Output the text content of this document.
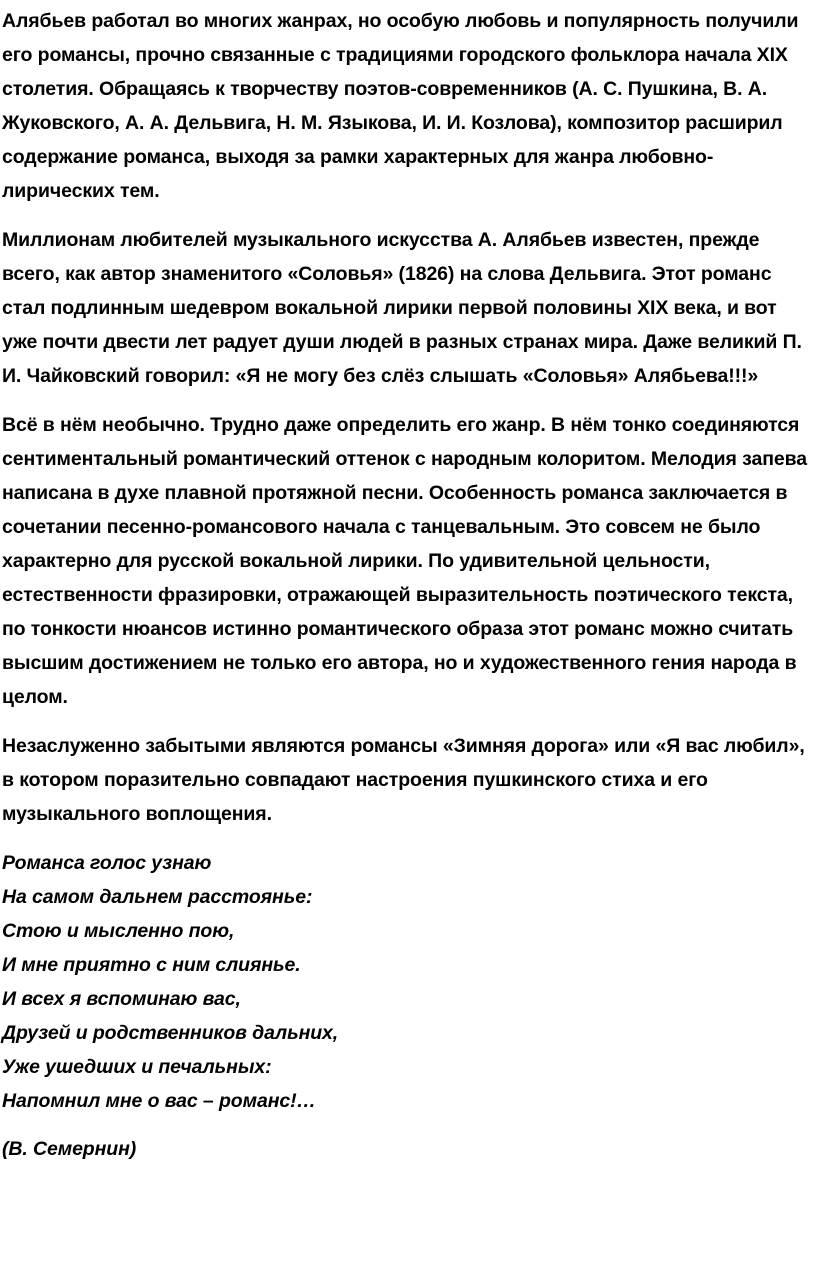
Алябьев работал во многих жанрах, но особую любовь и популярность получили его романсы, прочно связанные с традициями городского фольклора начала XIX столетия. Обращаясь к творчеству поэтов-современников (А. С. Пушкина, В. А. Жуковского, А. А. Дельвига, Н. М. Языкова, И. И. Козлова), композитор расширил содержание романса, выходя за рамки характерных для жанра любовно-лирических тем.

Миллионам любителей музыкального искусства А. Алябьев известен, прежде всего, как автор знаменитого «Соловья» (1826) на слова Дельвига. Этот романс стал подлинным шедевром вокальной лирики первой половины XIX века, и вот уже почти двести лет радует души людей в разных странах мира. Даже великий П. И. Чайковский говорил: «Я не могу без слёз слышать «Соловья» Алябьева!!!»

Всё в нём необычно. Трудно даже определить его жанр. В нём тонко соединяются сентиментальный романтический оттенок с народным колоритом. Мелодия запева написана в духе плавной протяжной песни. Особенность романса заключается в сочетании песенно-романсового начала с танцевальным. Это совсем не было характерно для русской вокальной лирики. По удивительной цельности, естественности фразировки, отражающей выразительность поэтического текста, по тонкости нюансов истинно романтического образа этот романс можно считать высшим достижением не только его автора, но и художественного гения народа в целом.

Незаслуженно забытыми являются романсы «Зимняя дорога» или «Я вас любил», в котором поразительно совпадают настроения пушкинского стиха и его музыкального воплощения.

Романса голос узнаю
На самом дальнем расстоянье:
Стою и мысленно пою,
И мне приятно с ним слиянье.
И всех я вспоминаю вас,
Друзей и родственников дальних,
Уже ушедших и печальных:
Напомнил мне о вас – романс!…

(В. Семернин)
